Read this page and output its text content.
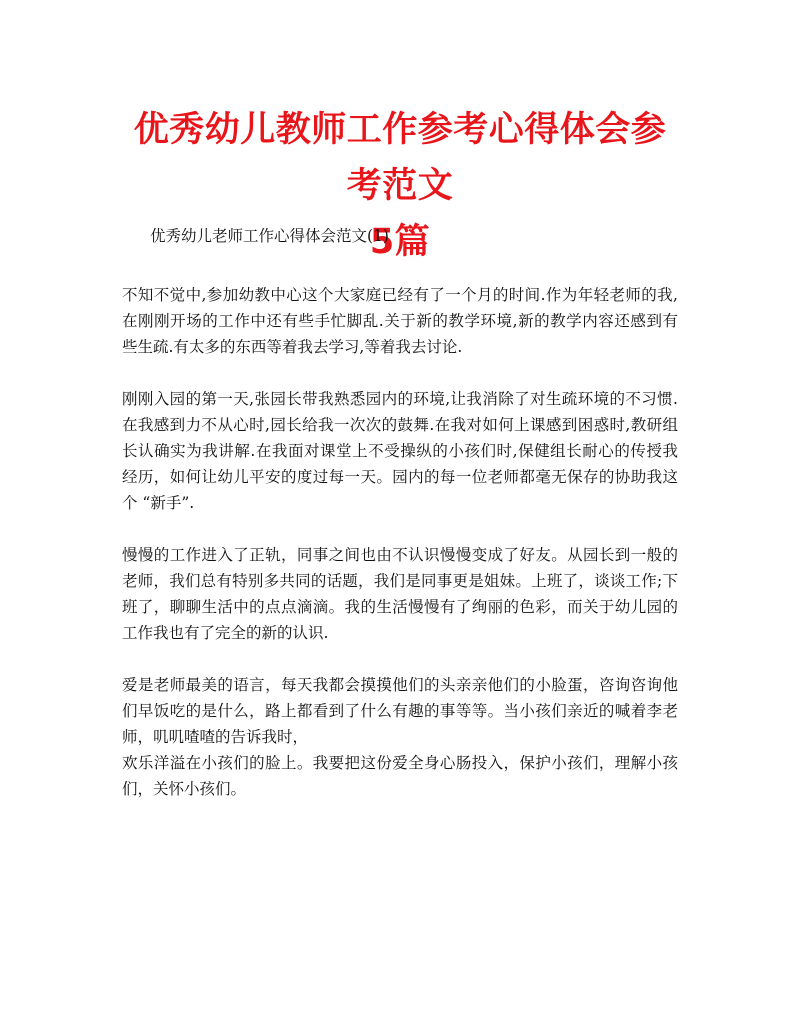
优秀幼儿教师工作参考心得体会参考范文
5篇

优秀幼儿老师工作心得体会范文(1)

不知不觉中,参加幼教中心这个大家庭已经有了一个月的时间.作为年轻老师的我,
在刚刚开场的工作中还有些手忙脚乱.关于新的教学环境,新的教学内容还感到有
些生疏.有太多的东西等着我去学习,等着我去讨论.

刚刚入园的第一天,张园长带我熟悉园内的环境,让我消除了对生疏环境的不习惯.
在我感到力不从心时,园长给我一次次的鼓舞.在我对如何上课感到困惑时,教研组
长认确实为我讲解.在我面对课堂上不受操纵的小孩们时,保健组长耐心的传授我
经历，如何让幼儿平安的度过每一天。园内的每一位老师都毫无保存的协助我这
个 “新手”.

慢慢的工作进入了正轨，同事之间也由不认识慢慢变成了好友。从园长到一般的
老师，我们总有特别多共同的话题，我们是同事更是姐妹。上班了，谈谈工作;下
班了，聊聊生活中的点点滴滴。我的生活慢慢有了绚丽的色彩，而关于幼儿园的
工作我也有了完全的新的认识.

爱是老师最美的语言，每天我都会摸摸他们的头亲亲他们的小脸蛋，咨询咨询他
们早饭吃的是什么，路上都看到了什么有趣的事等等。当小孩们亲近的喊着李老
师，叽叽喳喳的告诉我时，
欢乐洋溢在小孩们的脸上。我要把这份爱全身心肠投入，保护小孩们，理解小孩
们，关怀小孩们。
